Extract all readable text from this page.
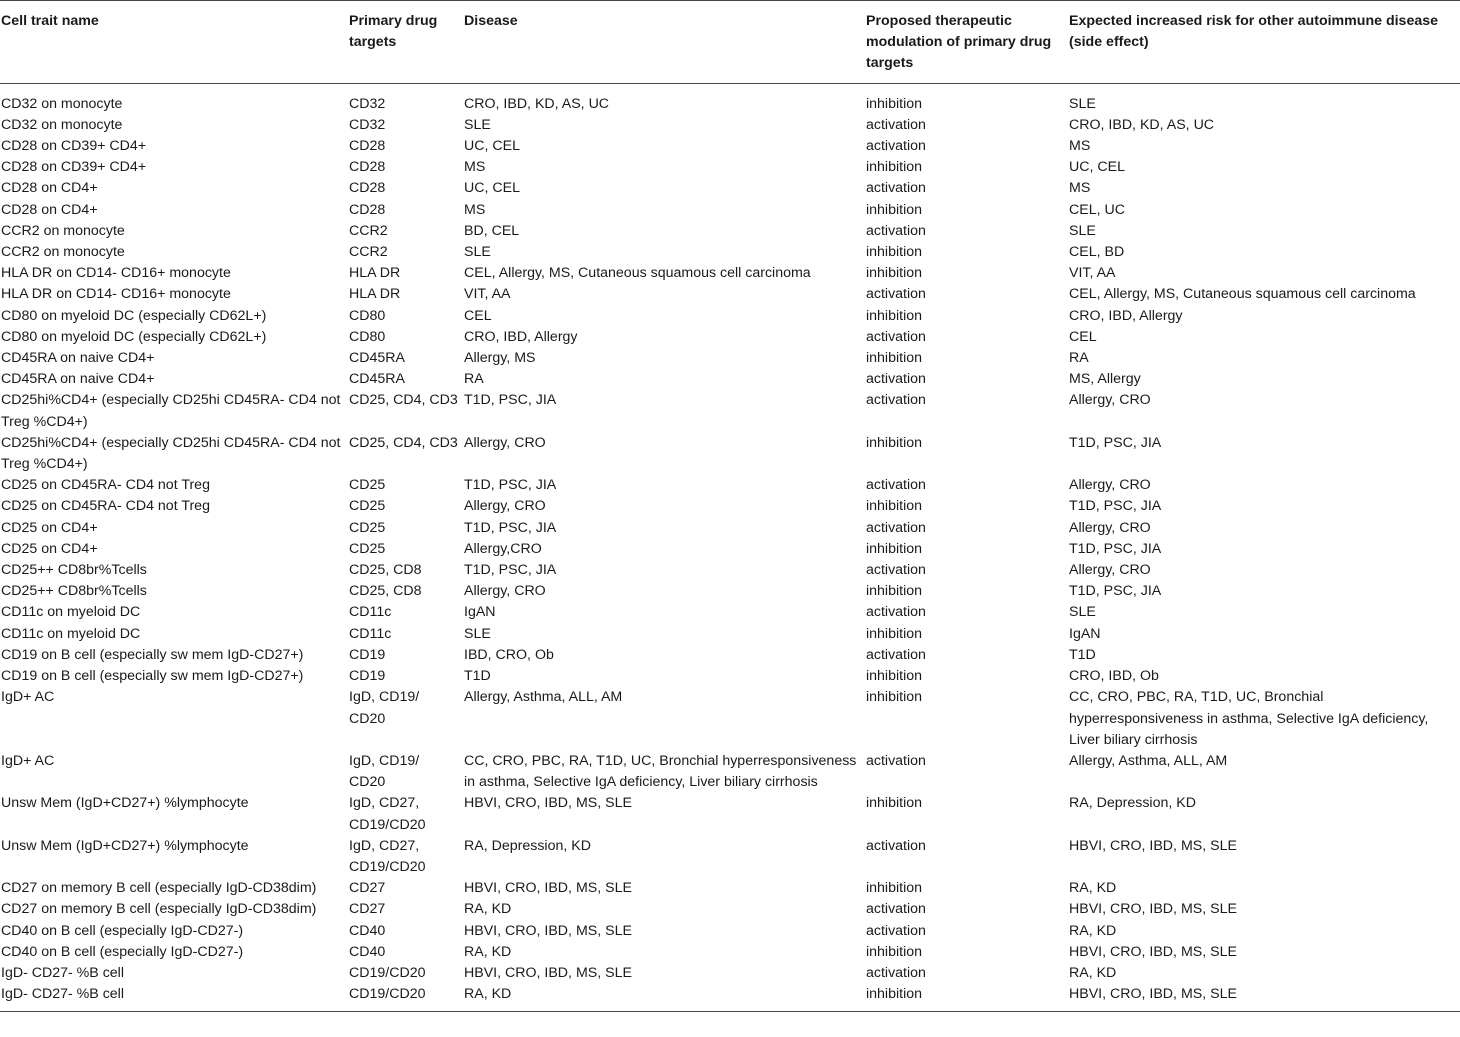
Cell trait name	Primary drug targets	Disease	Proposed therapeutic modulation of primary drug targets	Expected increased risk for other autoimmune disease (side effect)
CD32 on monocyte	CD32	CRO, IBD, KD, AS, UC	inhibition	SLE
CD32 on monocyte	CD32	SLE	activation	CRO, IBD, KD, AS, UC
CD28 on CD39+ CD4+	CD28	UC, CEL	activation	MS
CD28 on CD39+ CD4+	CD28	MS	inhibition	UC, CEL
CD28 on CD4+	CD28	UC, CEL	activation	MS
CD28 on CD4+	CD28	MS	inhibition	CEL, UC
CCR2 on monocyte	CCR2	BD, CEL	activation	SLE
CCR2 on monocyte	CCR2	SLE	inhibition	CEL, BD
HLA DR on CD14- CD16+ monocyte	HLA DR	CEL, Allergy, MS, Cutaneous squamous cell carcinoma	inhibition	VIT, AA
HLA DR on CD14- CD16+ monocyte	HLA DR	VIT, AA	activation	CEL, Allergy, MS, Cutaneous squamous cell carcinoma
CD80 on myeloid DC (especially CD62L+)	CD80	CEL	inhibition	CRO, IBD, Allergy
CD80 on myeloid DC (especially CD62L+)	CD80	CRO, IBD, Allergy	activation	CEL
CD45RA on naive CD4+	CD45RA	Allergy, MS	inhibition	RA
CD45RA on naive CD4+	CD45RA	RA	activation	MS, Allergy
CD25hi%CD4+ (especially CD25hi CD45RA- CD4 not Treg %CD4+)	CD25, CD4, CD3	T1D, PSC, JIA	activation	Allergy, CRO
CD25hi%CD4+ (especially CD25hi CD45RA- CD4 not Treg %CD4+)	CD25, CD4, CD3	Allergy, CRO	inhibition	T1D, PSC, JIA
CD25 on CD45RA- CD4 not Treg	CD25	T1D, PSC, JIA	activation	Allergy, CRO
CD25 on CD45RA- CD4 not Treg	CD25	Allergy, CRO	inhibition	T1D, PSC, JIA
CD25 on CD4+	CD25	T1D, PSC, JIA	activation	Allergy, CRO
CD25 on CD4+	CD25	Allergy,CRO	inhibition	T1D, PSC, JIA
CD25++ CD8br%Tcells	CD25, CD8	T1D, PSC, JIA	activation	Allergy, CRO
CD25++ CD8br%Tcells	CD25, CD8	Allergy, CRO	inhibition	T1D, PSC, JIA
CD11c on myeloid DC	CD11c	IgAN	activation	SLE
CD11c on myeloid DC	CD11c	SLE	inhibition	IgAN
CD19 on B cell (especially sw mem IgD-CD27+)	CD19	IBD, CRO, Ob	activation	T1D
CD19 on B cell (especially sw mem IgD-CD27+)	CD19	T1D	inhibition	CRO, IBD, Ob
IgD+ AC	IgD, CD19/ CD20	Allergy, Asthma, ALL, AM	inhibition	CC, CRO, PBC, RA, T1D, UC, Bronchial hyperresponsiveness in asthma, Selective IgA deficiency, Liver biliary cirrhosis
IgD+ AC	IgD, CD19/ CD20	CC, CRO, PBC, RA, T1D, UC, Bronchial hyperresponsiveness in asthma, Selective IgA deficiency, Liver biliary cirrhosis	activation	Allergy, Asthma, ALL, AM
Unsw Mem (IgD+CD27+) %lymphocyte	IgD, CD27, CD19/CD20	HBVI, CRO, IBD, MS, SLE	inhibition	RA, Depression, KD
Unsw Mem (IgD+CD27+) %lymphocyte	IgD, CD27, CD19/CD20	RA, Depression, KD	activation	HBVI, CRO, IBD, MS, SLE
CD27 on memory B cell (especially IgD-CD38dim)	CD27	HBVI, CRO, IBD, MS, SLE	inhibition	RA, KD
CD27 on memory B cell (especially IgD-CD38dim)	CD27	RA, KD	activation	HBVI, CRO, IBD, MS, SLE
CD40 on B cell (especially IgD-CD27-)	CD40	HBVI, CRO, IBD, MS, SLE	activation	RA, KD
CD40 on B cell (especially IgD-CD27-)	CD40	RA, KD	inhibition	HBVI, CRO, IBD, MS, SLE
IgD- CD27- %B cell	CD19/CD20	HBVI, CRO, IBD, MS, SLE	activation	RA, KD
IgD- CD27- %B cell	CD19/CD20	RA, KD	inhibition	HBVI, CRO, IBD, MS, SLE
